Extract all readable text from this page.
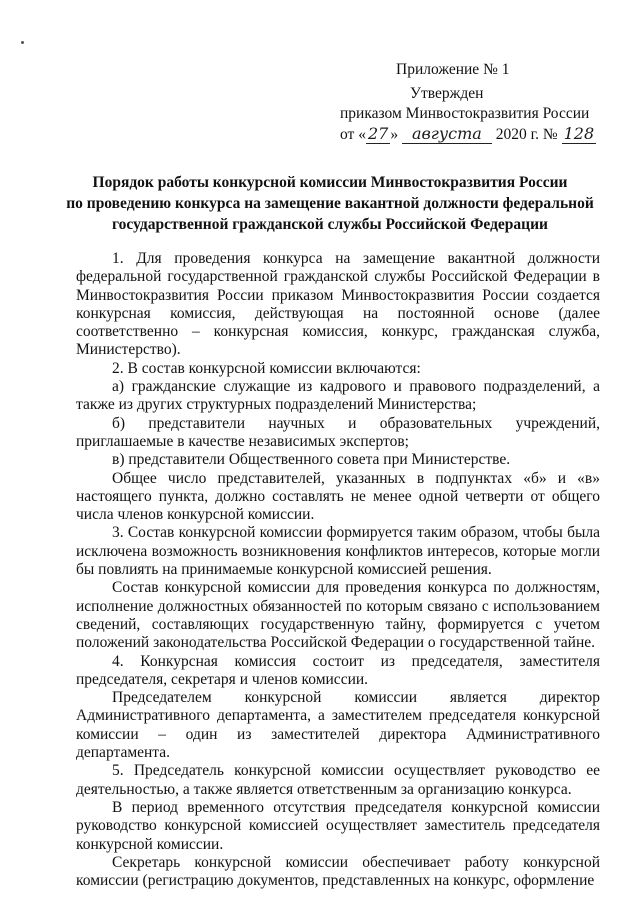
Приложение № 1
Утвержден
приказом Минвостокразвития России
от « 27 » августа 2020 г. № 128
Порядок работы конкурсной комиссии Минвостокразвития России
по проведению конкурса на замещение вакантной должности федеральной
государственной гражданской службы Российской Федерации

1. Для проведения конкурса на замещение вакантной должности федеральной государственной гражданской службы Российской Федерации в Минвостокразвития России приказом Минвостокразвития России создается конкурсная комиссия, действующая на постоянной основе (далее соответственно – конкурсная комиссия, конкурс, гражданская служба, Министерство).

2. В состав конкурсной комиссии включаются:

а) гражданские служащие из кадрового и правового подразделений, а также из других структурных подразделений Министерства;

б) представители научных и образовательных учреждений, приглашаемые в качестве независимых экспертов;

в) представители Общественного совета при Министерстве.

Общее число представителей, указанных в подпунктах «б» и «в» настоящего пункта, должно составлять не менее одной четверти от общего числа членов конкурсной комиссии.

3. Состав конкурсной комиссии формируется таким образом, чтобы была исключена возможность возникновения конфликтов интересов, которые могли бы повлиять на принимаемые конкурсной комиссией решения.

Состав конкурсной комиссии для проведения конкурса по должностям, исполнение должностных обязанностей по которым связано с использованием сведений, составляющих государственную тайну, формируется с учетом положений законодательства Российской Федерации о государственной тайне.

4. Конкурсная комиссия состоит из председателя, заместителя председателя, секретаря и членов комиссии.

Председателем конкурсной комиссии является директор Административного департамента, а заместителем председателя конкурсной комиссии – один из заместителей директора Административного департамента.

5. Председатель конкурсной комиссии осуществляет руководство ее деятельностью, а также является ответственным за организацию конкурса.

В период временного отсутствия председателя конкурсной комиссии руководство конкурсной комиссией осуществляет заместитель председателя конкурсной комиссии.

Секретарь конкурсной комиссии обеспечивает работу конкурсной комиссии (регистрацию документов, представленных на конкурс, оформление
